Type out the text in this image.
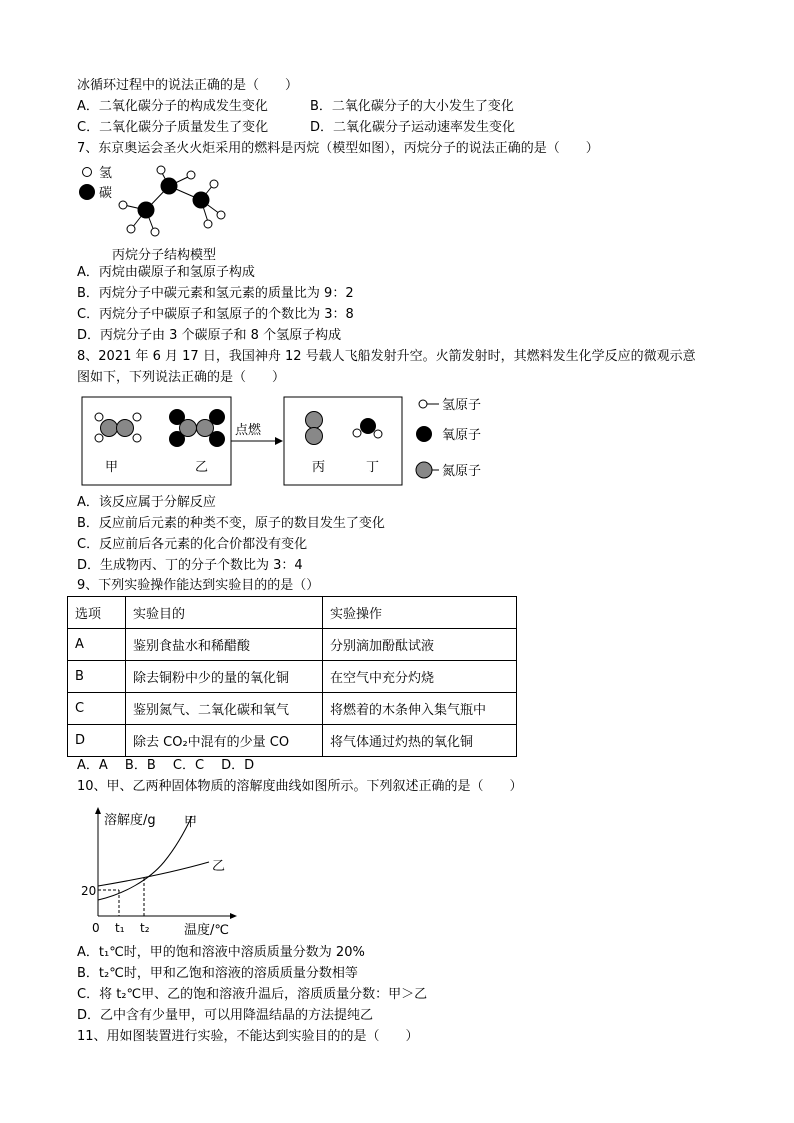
冰循环过程中的说法正确的是（　　）
A．二氧化碳分子的构成发生变化	B．二氧化碳分子的大小发生了变化
C．二氧化碳分子质量发生了变化	D．二氧化碳分子运动速率发生变化
7、东京奥运会圣火火炬采用的燃料是丙烷（模型如图），丙烷分子的说法正确的是（　　）
氢
碳
丙烷分子结构模型
A．丙烷由碳原子和氢原子构成
B．丙烷分子中碳元素和氢元素的质量比为 9：2
C．丙烷分子中碳原子和氢原子的个数比为 3：8
D．丙烷分子由 3 个碳原子和 8 个氢原子构成
8、2021 年 6 月 17 日，我国神舟 12 号载人飞船发射升空。火箭发射时，其燃料发生化学反应的微观示意
图如下，下列说法正确的是（　　）
甲	乙
点燃
丙	丁
氢原子
氧原子
氮原子
A．该反应属于分解反应
B．反应前后元素的种类不变，原子的数目发生了变化
C．反应前后各元素的化合价都没有变化
D．生成物丙、丁的分子个数比为 3：4
9、下列实验操作能达到实验目的的是（）
选项	实验目的	实验操作
A	鉴别食盐水和稀醋酸	分别滴加酚酞试液
B	除去铜粉中少的量的氧化铜	在空气中充分灼烧
C	鉴别氮气、二氧化碳和氧气	将燃着的木条伸入集气瓶中
D	除去 CO₂中混有的少量 CO	将气体通过灼热的氧化铜
A．A　 B．B　 C．C　 D．D
10、甲、乙两种固体物质的溶解度曲线如图所示。下列叙述正确的是（　　）
溶解度/g
温度/℃
0
20
t₁ t₂
甲
乙
A．t₁℃时，甲的饱和溶液中溶质质量分数为 20%
B．t₂℃时，甲和乙饱和溶液的溶质质量分数相等
C．将 t₂℃甲、乙的饱和溶液升温后，溶质质量分数：甲＞乙
D．乙中含有少量甲，可以用降温结晶的方法提纯乙
11、用如图装置进行实验，不能达到实验目的的是（　　）
